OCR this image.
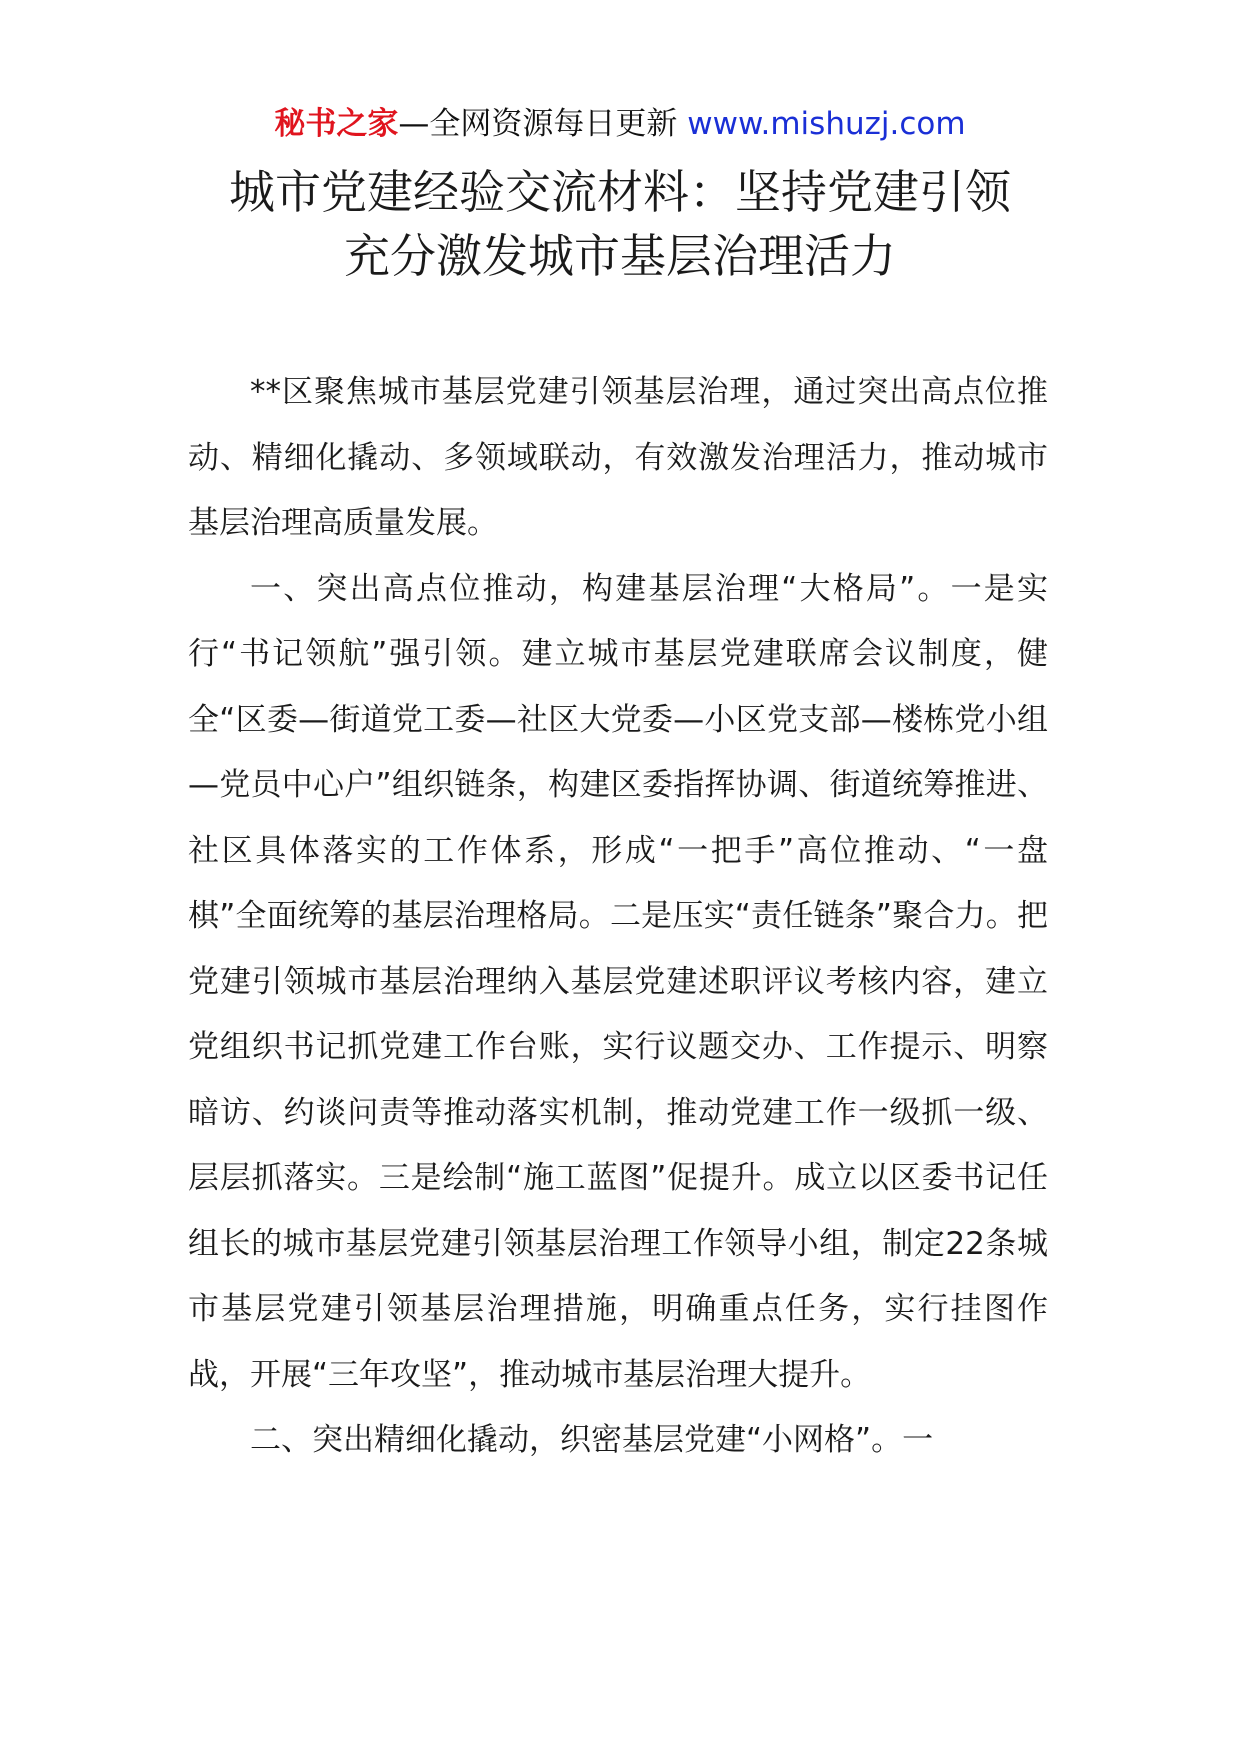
秘书之家—全网资源每日更新 www.mishuzj.com
城市党建经验交流材料：坚持党建引领
充分激发城市基层治理活力

**区聚焦城市基层党建引领基层治理，通过突出高点位推动、精细化撬动、多领域联动，有效激发治理活力，推动城市基层治理高质量发展。

一、突出高点位推动，构建基层治理“大格局”。一是实行“书记领航”强引领。建立城市基层党建联席会议制度，健全“区委—街道党工委—社区大党委—小区党支部—楼栋党小组—党员中心户”组织链条，构建区委指挥协调、街道统筹推进、社区具体落实的工作体系，形成“一把手”高位推动、“一盘棋”全面统筹的基层治理格局。二是压实“责任链条”聚合力。把党建引领城市基层治理纳入基层党建述职评议考核内容，建立党组织书记抓党建工作台账，实行议题交办、工作提示、明察暗访、约谈问责等推动落实机制，推动党建工作一级抓一级、层层抓落实。三是绘制“施工蓝图”促提升。成立以区委书记任组长的城市基层党建引领基层治理工作领导小组，制定22条城市基层党建引领基层治理措施，明确重点任务，实行挂图作战，开展“三年攻坚”，推动城市基层治理大提升。

二、突出精细化撬动，织密基层党建“小网格”。一
